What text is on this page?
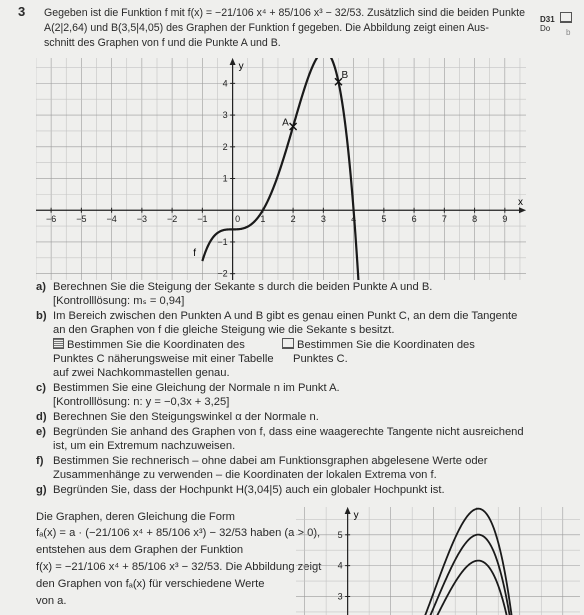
3 Gegeben ist die Funktion f mit f(x) = −21/106 x⁴ + 85/106 x³ − 32/53. Zusätzlich sind die beiden Punkte
A(2|2,64) und B(3,5|4,05) des Graphen der Funktion f gegeben. Die Abbildung zeigt einen Aus-
schnitt des Graphen von f und die Punkte A und B.
D31  Do	b
−6 −5 −4 −3 −2 −1	0 1	2	3	4	5	6	7	8	9
4
3
2
1
−1
−2
A
B
y
x
f
a) Berechnen Sie die Steigung der Sekante s durch die beiden Punkte A und B.
[Kontrolllösung: mₛ = 0,94]
b) Im Bereich zwischen den Punkten A und B gibt es genau einen Punkt C, an dem die Tangente
an den Graphen von f die gleiche Steigung wie die Sekante s besitzt.
Bestimmen Sie die Koordinaten des
Punktes C näherungsweise mit einer Tabelle
auf zwei Nachkommastellen genau.
Bestimmen Sie die Koordinaten des
Punktes C.
c) Bestimmen Sie eine Gleichung der Normale n im Punkt A.
[Kontrolllösung: n: y = −0,3x + 3,25]
d) Berechnen Sie den Steigungswinkel α der Normale n.
e) Begründen Sie anhand des Graphen von f, dass eine waagerechte Tangente nicht ausreichend
ist, um ein Extremum nachzuweisen.
f) Bestimmen Sie rechnerisch – ohne dabei am Funktionsgraphen abgelesene Werte oder
Zusammenhänge zu verwenden – die Koordinaten der lokalen Extrema von f.
g) Begründen Sie, dass der Hochpunkt H(3,04|5) auch ein globaler Hochpunkt ist.
Die Graphen, deren Gleichung die Form
fₐ(x) = a · (−21/106 x⁴ + 85/106 x³) − 32/53 haben (a > 0),
entstehen aus dem Graphen der Funktion
f(x) = −21/106 x⁴ + 85/106 x³ − 32/53. Die Abbildung zeigt
den Graphen von fₐ(x) für verschiedene Werte
von a.
5
4
3
y
